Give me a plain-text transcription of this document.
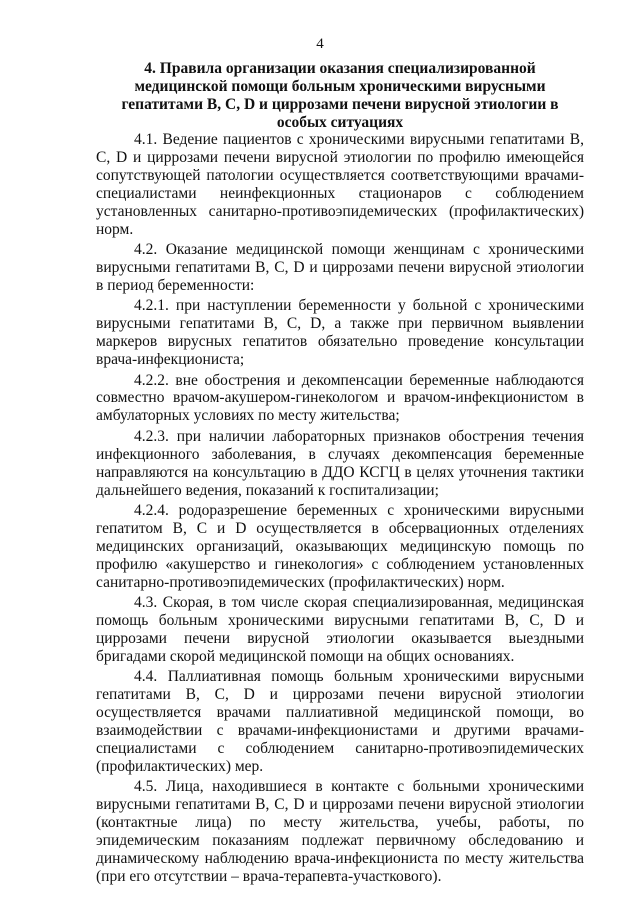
4
4. Правила организации оказания специализированной медицинской помощи больным хроническими вирусными гепатитами B, C, D и циррозами печени вирусной этиологии в особых ситуациях

4.1. Ведение пациентов с хроническими вирусными гепатитами B, C, D и циррозами печени вирусной этиологии по профилю имеющейся сопутствующей патологии осуществляется соответствующими врачами-специалистами неинфекционных стационаров с соблюдением установленных санитарно-противоэпидемических (профилактических) норм.

4.2. Оказание медицинской помощи женщинам с хроническими вирусными гепатитами B, C, D и циррозами печени вирусной этиологии в период беременности:

4.2.1. при наступлении беременности у больной с хроническими вирусными гепатитами B, C, D, а также при первичном выявлении маркеров вирусных гепатитов обязательно проведение консультации врача-инфекциониста;

4.2.2. вне обострения и декомпенсации беременные наблюдаются совместно врачом-акушером-гинекологом и врачом-инфекционистом в амбулаторных условиях по месту жительства;

4.2.3. при наличии лабораторных признаков обострения течения инфекционного заболевания, в случаях декомпенсация беременные направляются на консультацию в ДДО КСГЦ в целях уточнения тактики дальнейшего ведения, показаний к госпитализации;

4.2.4. родоразрешение беременных с хроническими вирусными гепатитом B, C и D осуществляется в обсервационных отделениях медицинских организаций, оказывающих медицинскую помощь по профилю «акушерство и гинекология» с соблюдением установленных санитарно-противоэпидемических (профилактических) норм.

4.3. Скорая, в том числе скорая специализированная, медицинская помощь больным хроническими вирусными гепатитами B, C, D и циррозами печени вирусной этиологии оказывается выездными бригадами скорой медицинской помощи на общих основаниях.

4.4. Паллиативная помощь больным хроническими вирусными гепатитами B, C, D и циррозами печени вирусной этиологии осуществляется врачами паллиативной медицинской помощи, во взаимодействии с врачами-инфекционистами и другими врачами-специалистами с соблюдением санитарно-противоэпидемических (профилактических) мер.

4.5. Лица, находившиеся в контакте с больными хроническими вирусными гепатитами B, C, D и циррозами печени вирусной этиологии (контактные лица) по месту жительства, учебы, работы, по эпидемическим показаниям подлежат первичному обследованию и динамическому наблюдению врача-инфекциониста по месту жительства (при его отсутствии – врача-терапевта-участкового).
